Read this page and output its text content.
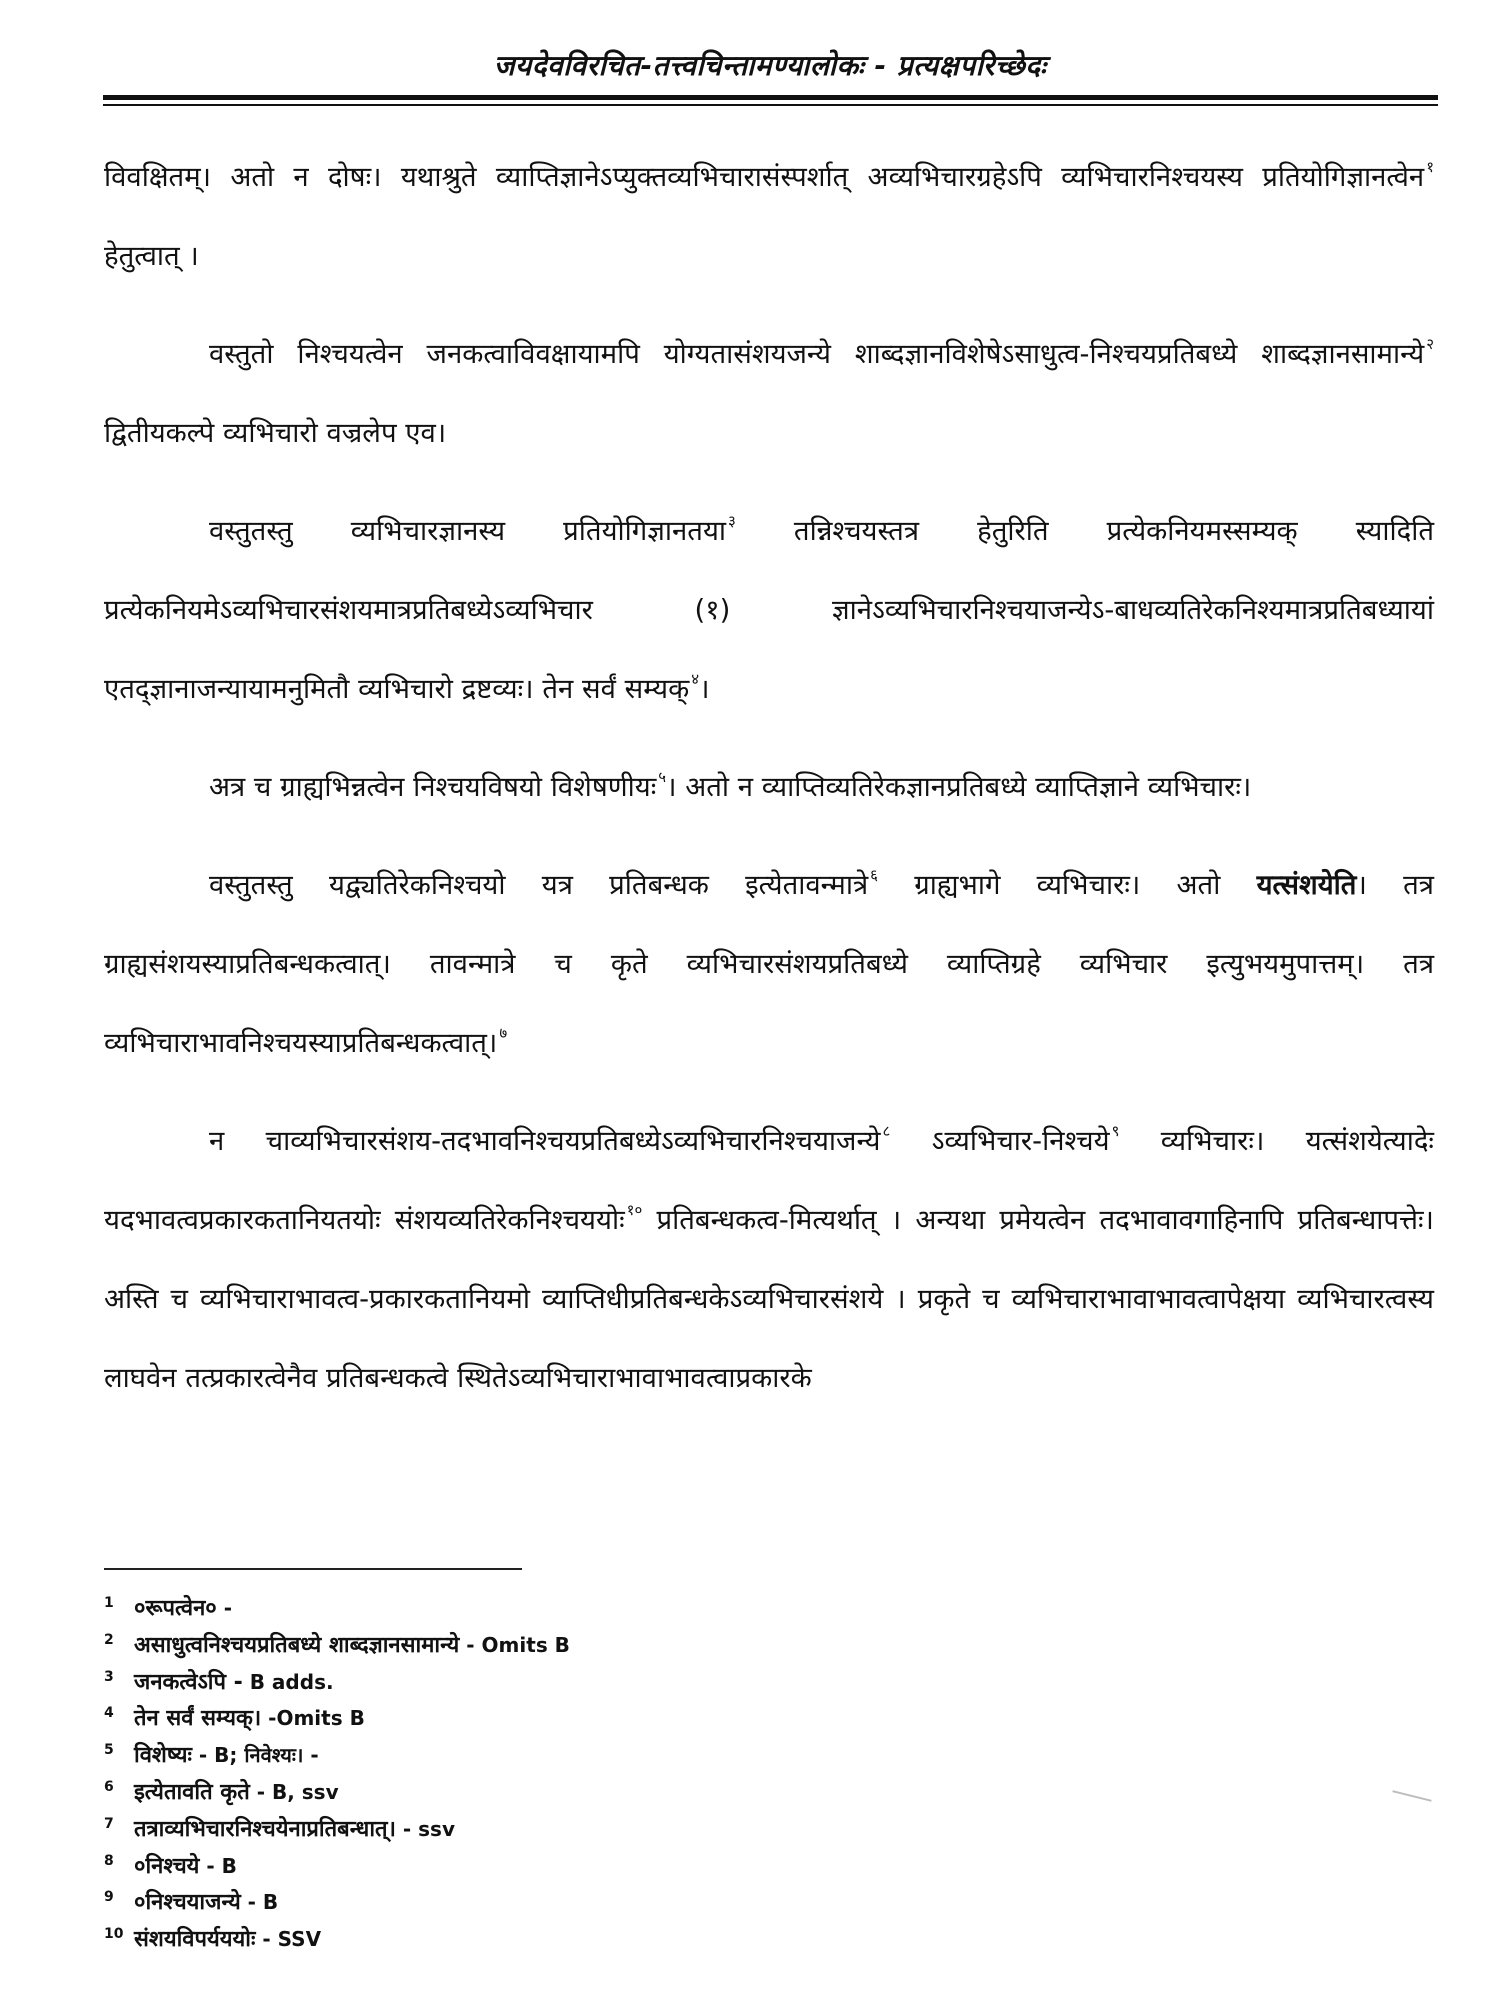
जयदेवविरचित-तत्त्वचिन्तामण्यालोकः - प्रत्यक्षपरिच्छेदः

विवक्षितम्। अतो न दोषः। यथाश्रुते व्याप्तिज्ञानेऽप्युक्तव्यभिचारासंस्पर्शात् अव्यभिचारग्रहेऽपि व्यभिचारनिश्चयस्य प्रतियोगिज्ञानत्वेन $^१$ हेतुत्वात् ।

वस्तुतो निश्चयत्वेन जनकत्वाविवक्षायामपि योग्यतासंशयजन्ये शाब्दज्ञानविशेषेऽसाधुत्व-निश्चयप्रतिबध्ये शाब्दज्ञानसामान्ये $^२$ द्वितीयकल्पे व्यभिचारो वज्रलेप एव।

वस्तुतस्तु व्यभिचारज्ञानस्य प्रतियोगिज्ञानतया $^३$ तन्निश्चयस्तत्र हेतुरिति प्रत्येकनियमस्सम्यक् स्यादिति प्रत्येकनियमेऽव्यभिचारसंशयमात्रप्रतिबध्येऽव्यभिचार (१) ज्ञानेऽव्यभिचारनिश्चयाजन्येऽ-बाधव्यतिरेकनिश्यमात्रप्रतिबध्यायां एतद्ज्ञानाजन्यायामनुमितौ व्यभिचारो द्रष्टव्यः। तेन सर्वं सम्यक् $^४$।

अत्र च ग्राह्यभिन्नत्वेन निश्चयविषयो विशेषणीयः $^५$। अतो न व्याप्तिव्यतिरेकज्ञानप्रतिबध्ये व्याप्तिज्ञाने व्यभिचारः।

वस्तुतस्तु यद्व्यतिरेकनिश्चयो यत्र प्रतिबन्धक इत्येतावन्मात्रे $^६$ ग्राह्यभागे व्यभिचारः। अतो यत्संशयेति। तत्र ग्राह्यसंशयस्याप्रतिबन्धकत्वात्। तावन्मात्रे च कृते व्यभिचारसंशयप्रतिबध्ये व्याप्तिग्रहे व्यभिचार इत्युभयमुपात्तम्। तत्र व्यभिचाराभावनिश्चयस्याप्रतिबन्धकत्वात्। $^७$

न चाव्यभिचारसंशय-तदभावनिश्चयप्रतिबध्येऽव्यभिचारनिश्चयाजन्ये $^८$ ऽव्यभिचार-निश्चये $^९$ व्यभिचारः। यत्संशयेत्यादेः यदभावत्वप्रकारकतानियतयोः संशयव्यतिरेकनिश्चययोः $^{१०}$ प्रतिबन्धकत्व-मित्यर्थात् । अन्यथा प्रमेयत्वेन तदभावावगाहिनापि प्रतिबन्धापत्तेः। अस्ति च व्यभिचाराभावत्व-प्रकारकतानियमो व्याप्तिधीप्रतिबन्धकेऽव्यभिचारसंशये । प्रकृते च व्यभिचाराभावाभावत्वापेक्षया व्यभिचारत्वस्य लाघवेन तत्प्रकारत्वेनैव प्रतिबन्धकत्वे स्थितेऽव्यभिचाराभावाभावत्वाप्रकारके

1 ०रूपत्वेन० -
2 असाधुत्वनिश्चयप्रतिबध्ये शाब्दज्ञानसामान्ये - Omits B
3 जनकत्वेऽपि - B adds.
4 तेन सर्वं सम्यक्। -Omits B
5 विशेष्यः - B; निवेश्यः। -
6 इत्येतावति कृते - B, ssv
7 तत्राव्यभिचारनिश्चयेनाप्रतिबन्धात्। - ssv
8 ०निश्चये - B
9 ०निश्चयाजन्ये - B
10 संशयविपर्यययोः - SSV
